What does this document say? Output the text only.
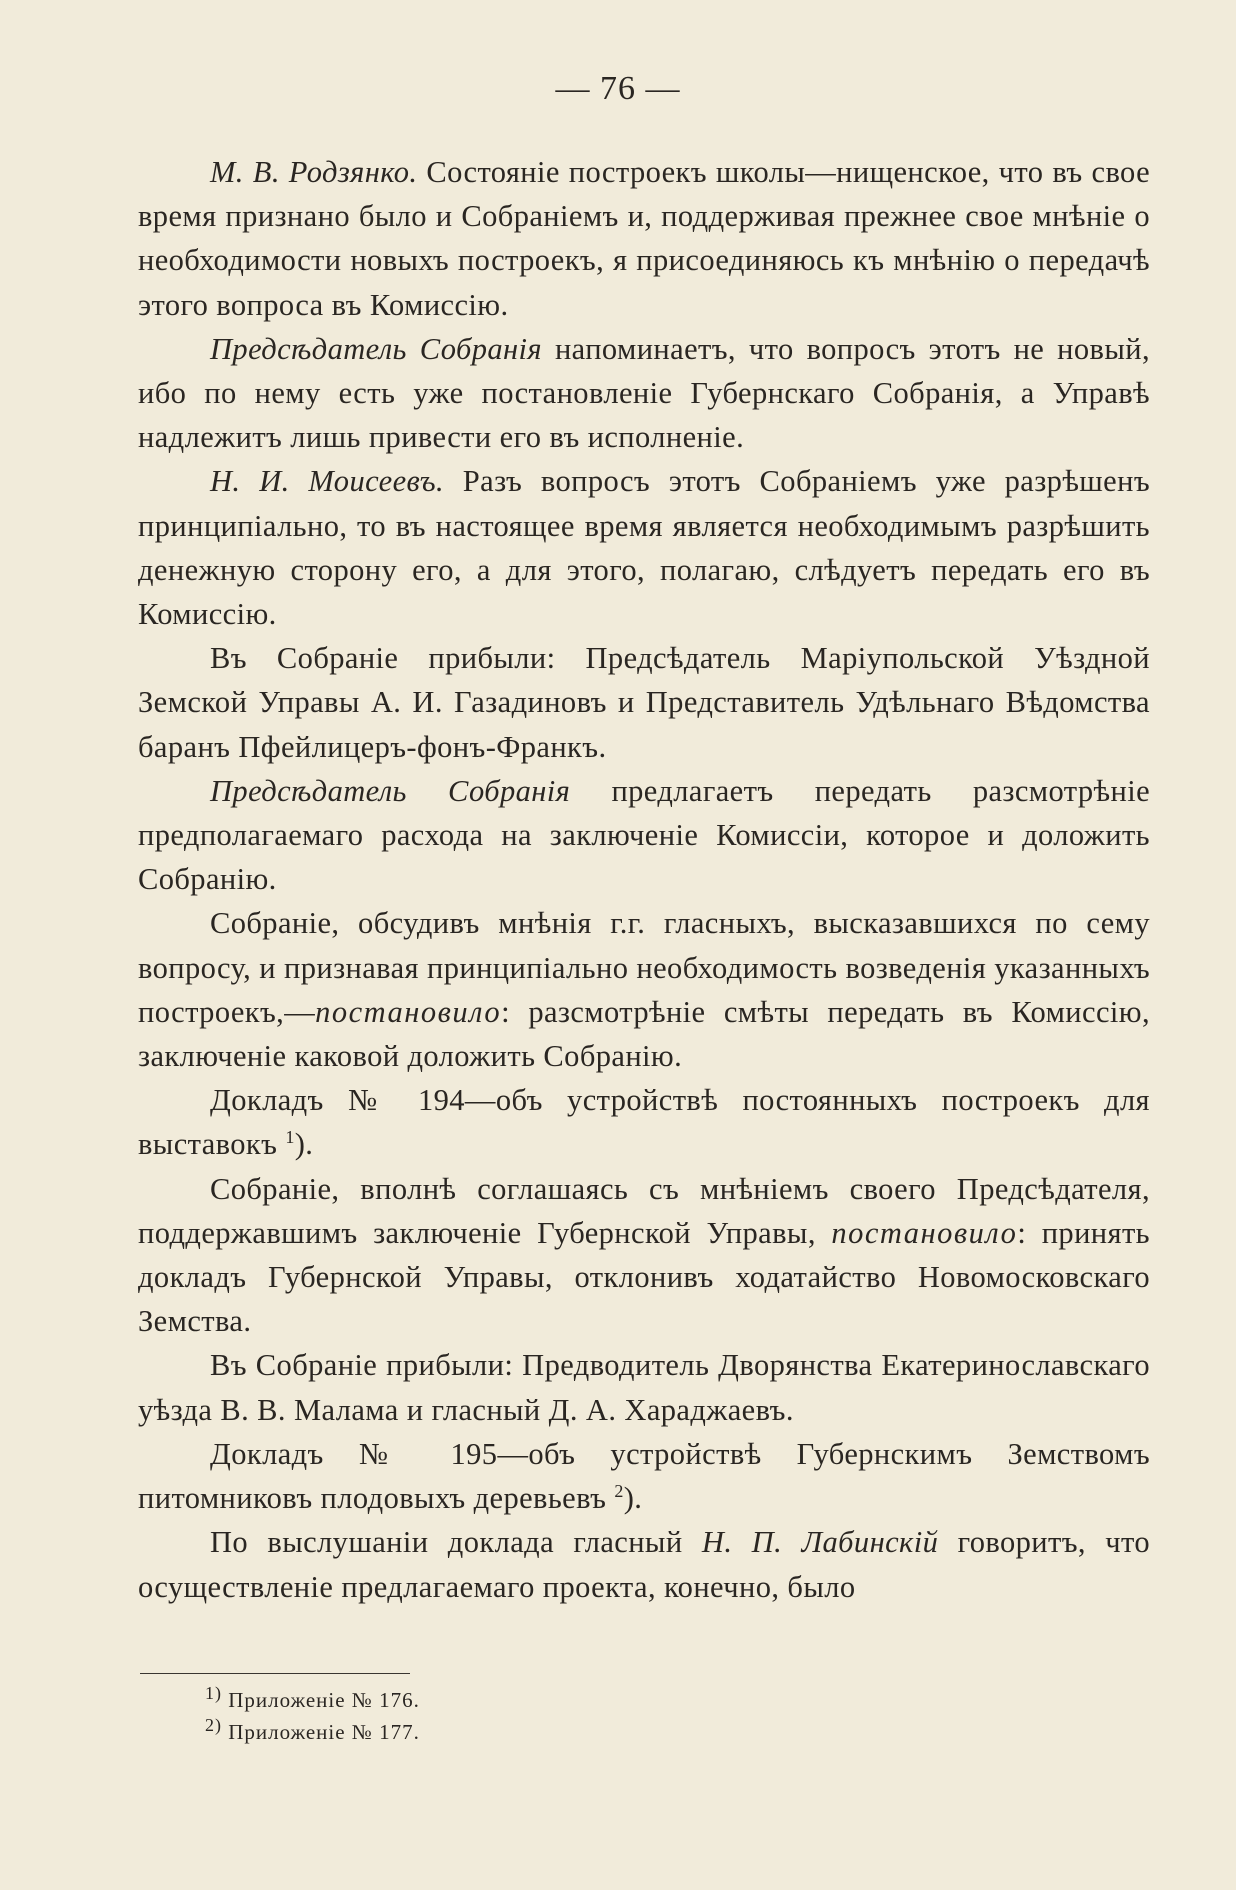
— 76 —

М. В. Родзянко. Состояніе построекъ школы—нищенское, что въ свое время признано было и Собраніемъ и, поддерживая прежнее свое мнѣніе о необходимости новыхъ построекъ, я присоединяюсь къ мнѣнію о передачѣ этого вопроса въ Комиссію.

Предсѣдатель Собранія напоминаетъ, что вопросъ этотъ не новый, ибо по нему есть уже постановленіе Губернскаго Собранія, а Управѣ надлежитъ лишь привести его въ исполненіе.

Н. И. Моисеевъ. Разъ вопросъ этотъ Собраніемъ уже разрѣшенъ принципіально, то въ настоящее время является необходимымъ разрѣшить денежную сторону его, а для этого, полагаю, слѣдуетъ передать его въ Комиссію.

Въ Собраніе прибыли: Предсѣдатель Маріупольской Уѣздной Земской Управы А. И. Газадиновъ и Представитель Удѣльнаго Вѣдомства баранъ Пфейлицеръ-фонъ-Франкъ.

Предсѣдатель Собранія предлагаетъ передать разсмотрѣніе предполагаемаго расхода на заключеніе Комиссіи, которое и доложить Собранію.

Собраніе, обсудивъ мнѣнія г.г. гласныхъ, высказавшихся по сему вопросу, и признавая принципіально необходимость возведенія указанныхъ построекъ,—постановило: разсмотрѣніе смѣты передать въ Комиссію, заключеніе каковой доложить Собранію.

Докладъ № 194—объ устройствѣ постоянныхъ построекъ для выставокъ $^1$).

Собраніе, вполнѣ соглашаясь съ мнѣніемъ своего Предсѣдателя, поддержавшимъ заключеніе Губернской Управы, постановило: принять докладъ Губернской Управы, отклонивъ ходатайство Новомосковскаго Земства.

Въ Собраніе прибыли: Предводитель Дворянства Екатеринославскаго уѣзда В. В. Малама и гласный Д. А. Хараджаевъ.

Докладъ № 195—объ устройствѣ Губернскимъ Земствомъ питомниковъ плодовыхъ деревьевъ $^2$).

По выслушаніи доклада гласный Н. П. Лабинскій говоритъ, что осуществленіе предлагаемаго проекта, конечно, было

$^{1)}$ Приложеніе № 176.
$^{2)}$ Приложеніе № 177.
